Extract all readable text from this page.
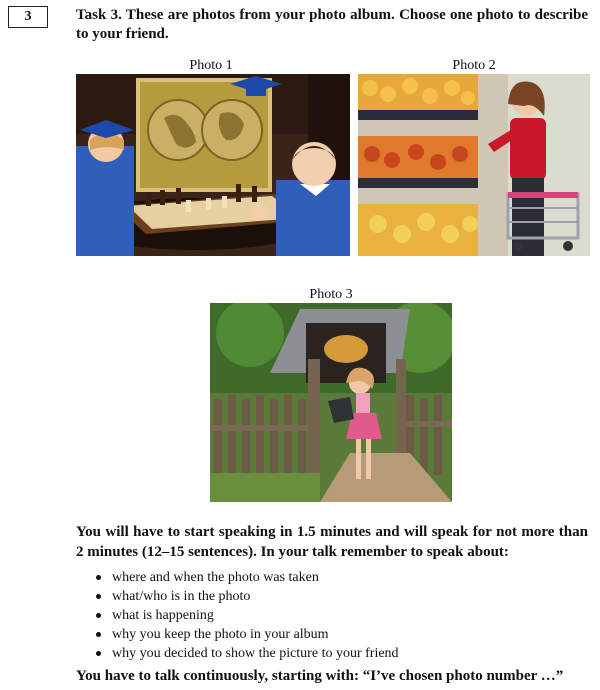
3	Task 3. These are photos from your photo album. Choose one photo to describe to your friend.
Photo 1	Photo 2
Photo 3
You will have to start speaking in 1.5 minutes and will speak for not more than 2 minutes (12–15 sentences). In your talk remember to speak about:
where and when the photo was taken
what/who is in the photo
what is happening
why you keep the photo in your album
why you decided to show the picture to your friend
You have to talk continuously, starting with: “I’ve chosen photo number …”
